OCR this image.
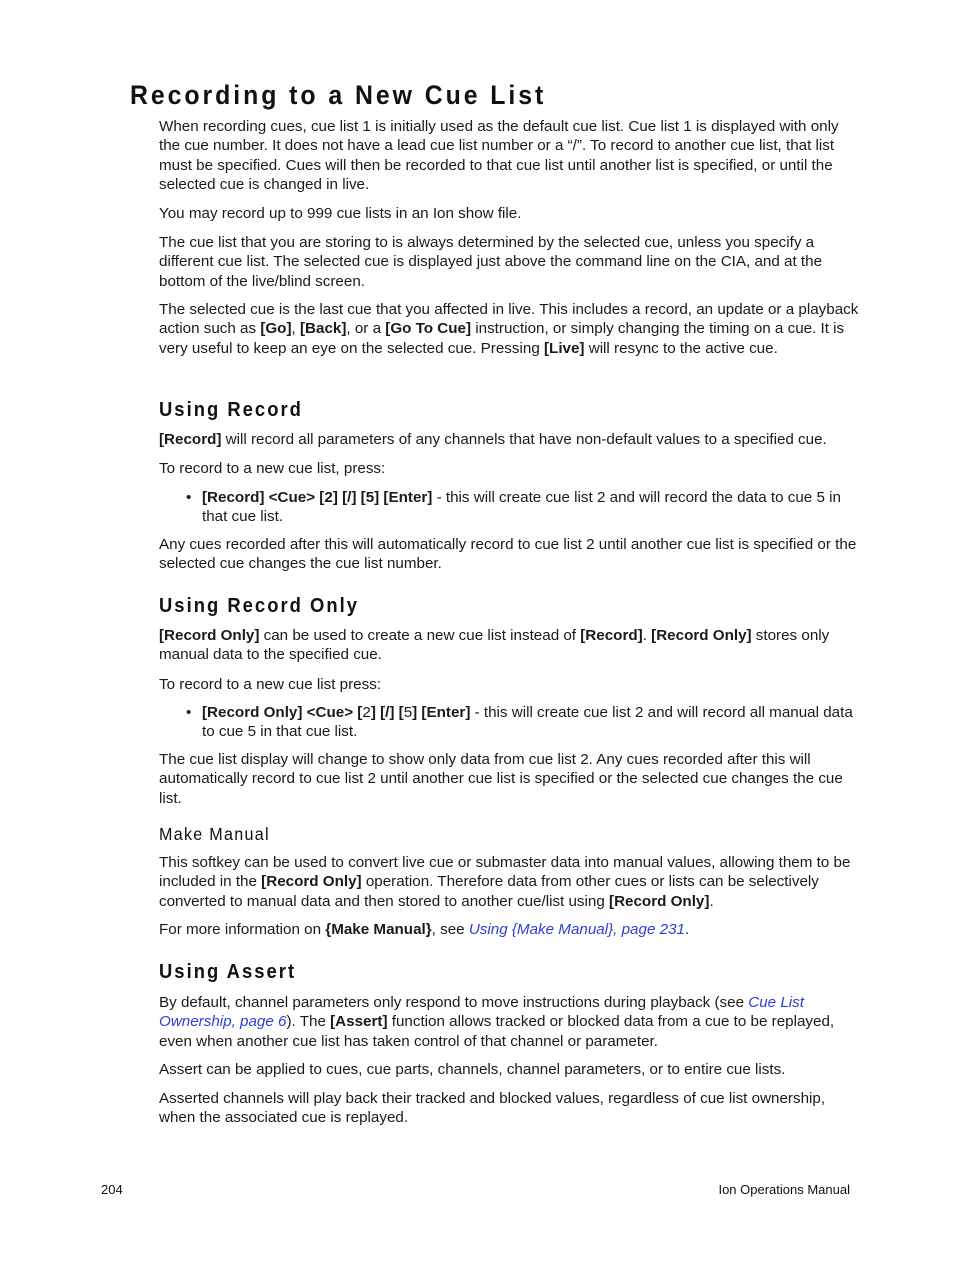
Recording to a New Cue List

When recording cues, cue list 1 is initially used as the default cue list. Cue list 1 is displayed with only the cue number. It does not have a lead cue list number or a “/”. To record to another cue list, that list must be specified. Cues will then be recorded to that cue list until another list is specified, or until the selected cue is changed in live.

You may record up to 999 cue lists in an Ion show file.

The cue list that you are storing to is always determined by the selected cue, unless you specify a different cue list. The selected cue is displayed just above the command line on the CIA, and at the bottom of the live/blind screen.

The selected cue is the last cue that you affected in live. This includes a record, an update or a playback action such as [Go], [Back], or a [Go To Cue] instruction, or simply changing the timing on a cue. It is very useful to keep an eye on the selected cue. Pressing [Live] will resync to the active cue.

Using Record

[Record] will record all parameters of any channels that have non-default values to a specified cue.

To record to a new cue list, press:

• [Record] <Cue> [2] [/] [5] [Enter] - this will create cue list 2 and will record the data to cue 5 in that cue list.

Any cues recorded after this will automatically record to cue list 2 until another cue list is specified or the selected cue changes the cue list number.

Using Record Only

[Record Only] can be used to create a new cue list instead of [Record]. [Record Only] stores only manual data to the specified cue.

To record to a new cue list press:

• [Record Only] <Cue> [2] [/] [5] [Enter] - this will create cue list 2 and will record all manual data to cue 5 in that cue list.

The cue list display will change to show only data from cue list 2. Any cues recorded after this will automatically record to cue list 2 until another cue list is specified or the selected cue changes the cue list.

Make Manual

This softkey can be used to convert live cue or submaster data into manual values, allowing them to be included in the [Record Only] operation. Therefore data from other cues or lists can be selectively converted to manual data and then stored to another cue/list using [Record Only].

For more information on {Make Manual}, see Using {Make Manual}, page 231.

Using Assert

By default, channel parameters only respond to move instructions during playback (see Cue List Ownership, page 6). The [Assert] function allows tracked or blocked data from a cue to be replayed, even when another cue list has taken control of that channel or parameter.

Assert can be applied to cues, cue parts, channels, channel parameters, or to entire cue lists.

Asserted channels will play back their tracked and blocked values, regardless of cue list ownership, when the associated cue is replayed.

204	Ion Operations Manual
